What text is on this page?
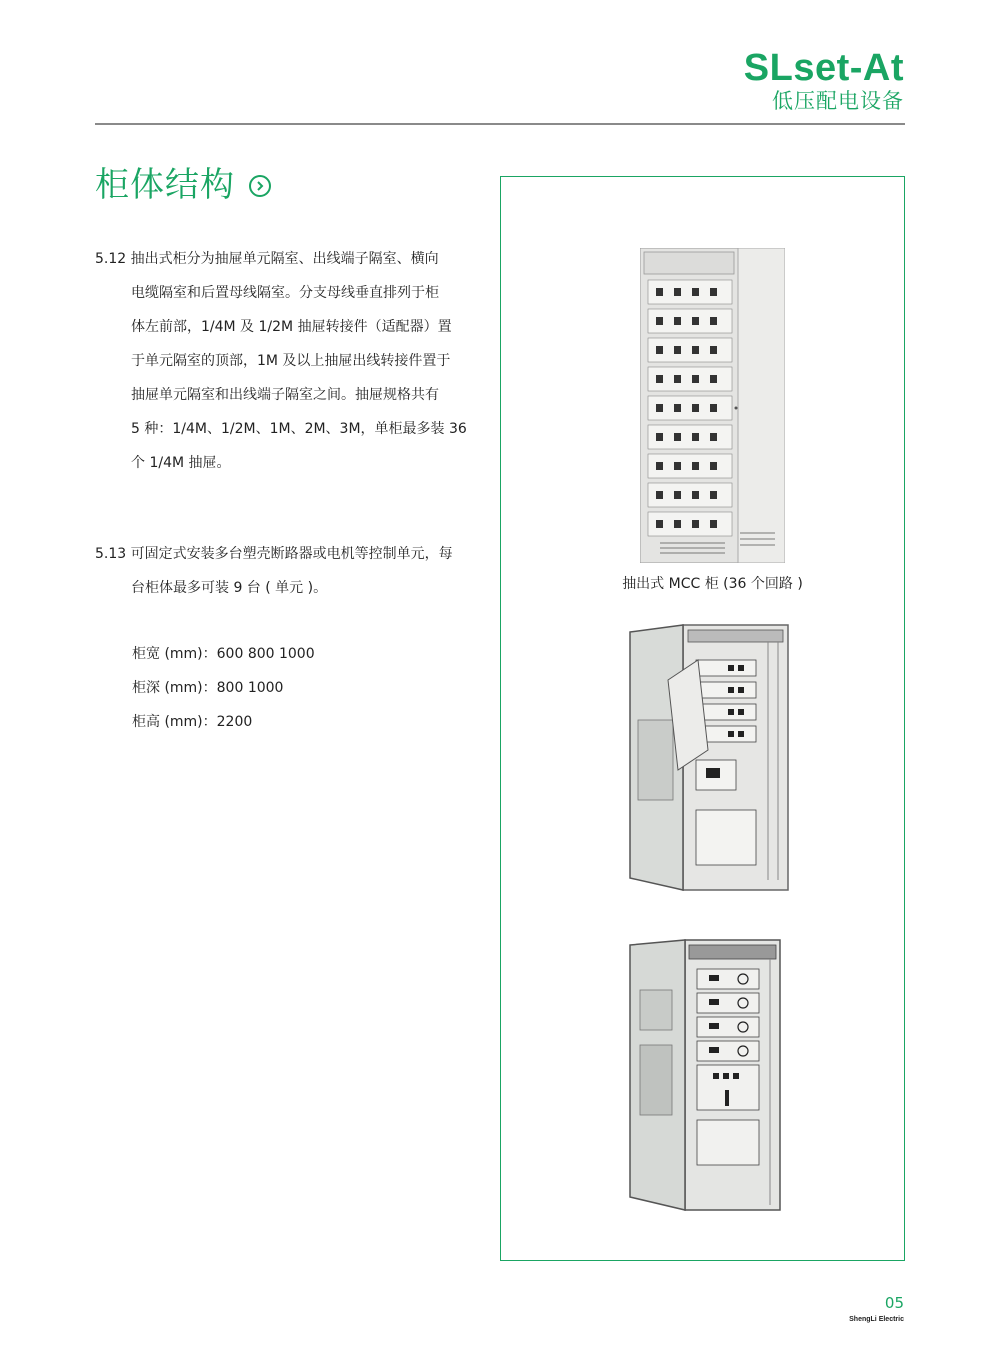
SLset-At
低压配电设备
柜体结构
5.12 抽出式柜分为抽屉单元隔室、出线端子隔室、横向
电缆隔室和后置母线隔室。分支母线垂直排列于柜
体左前部，1/4M 及 1/2M 抽屉转接件（适配器）置
于单元隔室的顶部，1M 及以上抽屉出线转接件置于
抽屉单元隔室和出线端子隔室之间。抽屉规格共有
5 种：1/4M、1/2M、1M、2M、3M，单柜最多装 36
个 1/4M 抽屉。
5.13 可固定式安装多台塑壳断路器或电机等控制单元，每
台柜体最多可装 9 台 ( 单元 )。
柜宽 (mm)：600 800 1000
柜深 (mm)：800 1000
柜高 (mm)：2200
抽出式 MCC 柜 (36 个回路 )
05
ShengLi Electric
